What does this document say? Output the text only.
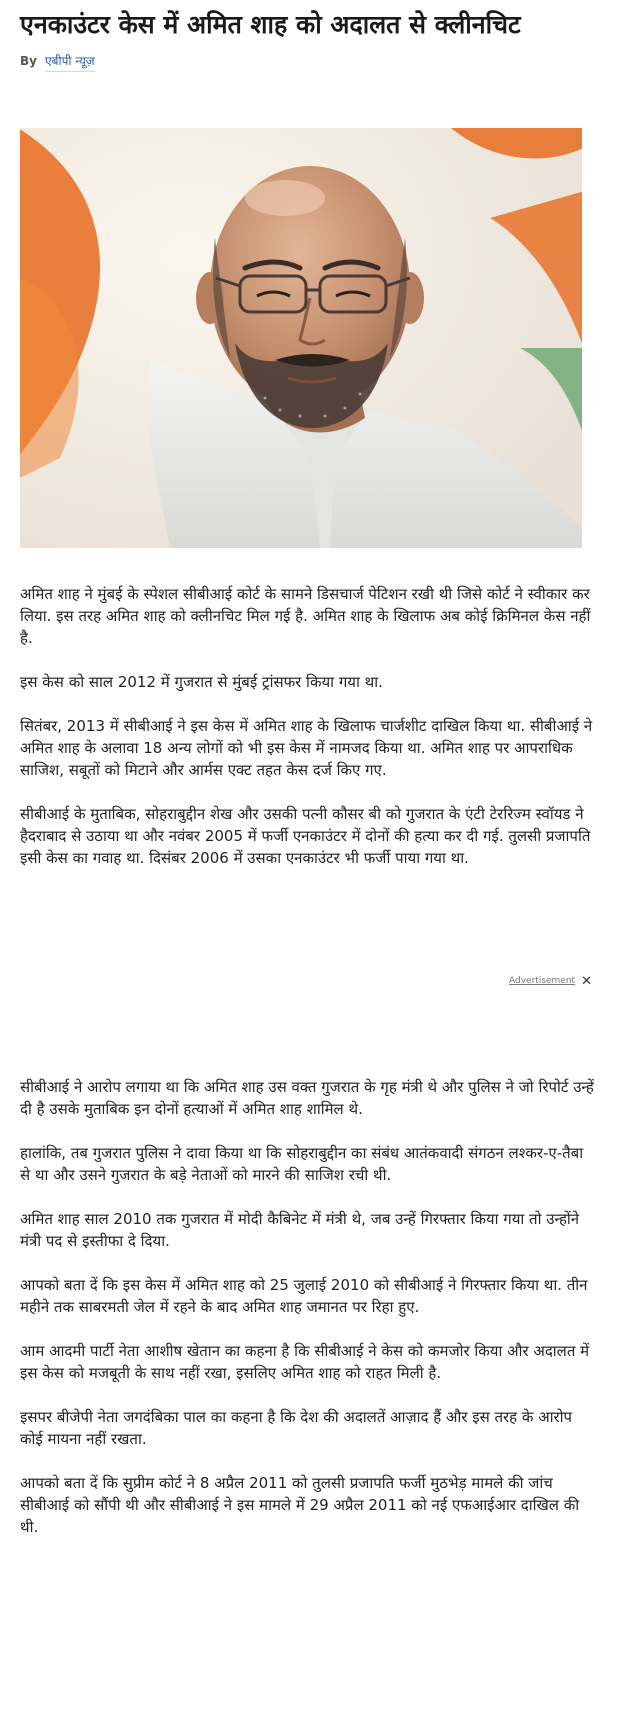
एनकाउंटर केस में अमित शाह को अदालत से क्लीनचिट
By एबीपी न्यूज़

अमित शाह ने मुंबई के स्पेशल सीबीआई कोर्ट के सामने डिसचार्ज पेटिशन रखी थी जिसे कोर्ट ने स्वीकार कर लिया. इस तरह अमित शाह को क्लीनचिट मिल गई है. अमित शाह के खिलाफ अब कोई क्रिमिनल केस नहीं है.

इस केस को साल 2012 में गुजरात से मुंबई ट्रांसफर किया गया था.

सितंबर, 2013 में सीबीआई ने इस केस में अमित शाह के खिलाफ चार्जशीट दाखिल किया था. सीबीआई ने अमित शाह के अलावा 18 अन्य लोगों को भी इस केस में नामजद किया था. अमित शाह पर आपराधिक साजिश, सबूतों को मिटाने और आर्मस एक्ट तहत केस दर्ज किए गए.

सीबीआई के मुताबिक, सोहराबुद्दीन शेख और उसकी पत्नी कौसर बी को गुजरात के एंटी टेररिज्म स्वॉयड ने हैदराबाद से उठाया था और नवंबर 2005 में फर्जी एनकाउंटर में दोनों की हत्या कर दी गई. तुलसी प्रजापति इसी केस का गवाह था. दिसंबर 2006 में उसका एनकाउंटर भी फर्जी पाया गया था.

Advertisement ✕

सीबीआई ने आरोप लगाया था कि अमित शाह उस वक्त गुजरात के गृह मंत्री थे और पुलिस ने जो रिपोर्ट उन्हें दी है उसके मुताबिक इन दोनों हत्याओं में अमित शाह शामिल थे.

हालांकि, तब गुजरात पुलिस ने दावा किया था कि सोहराबुद्दीन का संबंध आतंकवादी संगठन लश्कर-ए-तैबा से था और उसने गुजरात के बड़े नेताओं को मारने की साजिश रची थी.

अमित शाह साल 2010 तक गुजरात में मोदी कैबिनेट में मंत्री थे, जब उन्हें गिरफ्तार किया गया तो उन्होंने मंत्री पद से इस्तीफा दे दिया.

आपको बता दें कि इस केस में अमित शाह को 25 जुलाई 2010 को सीबीआई ने गिरफ्तार किया था. तीन महीने तक साबरमती जेल में रहने के बाद अमित शाह जमानत पर रिहा हुए.

आम आदमी पार्टी नेता आशीष खेतान का कहना है कि सीबीआई ने केस को कमजोर किया और अदालत में इस केस को मजबूती के साथ नहीं रखा, इसलिए अमित शाह को राहत मिली है.

इसपर बीजेपी नेता जगदंबिका पाल का कहना है कि देश की अदालतें आज़ाद हैं और इस तरह के आरोप कोई मायना नहीं रखता.

आपको बता दें कि सुप्रीम कोर्ट ने 8 अप्रैल 2011 को तुलसी प्रजापति फर्जी मुठभेड़ मामले की जांच सीबीआई को सौंपी थी और सीबीआई ने इस मामले में 29 अप्रैल 2011 को नई एफआईआर दाखिल की थी.
